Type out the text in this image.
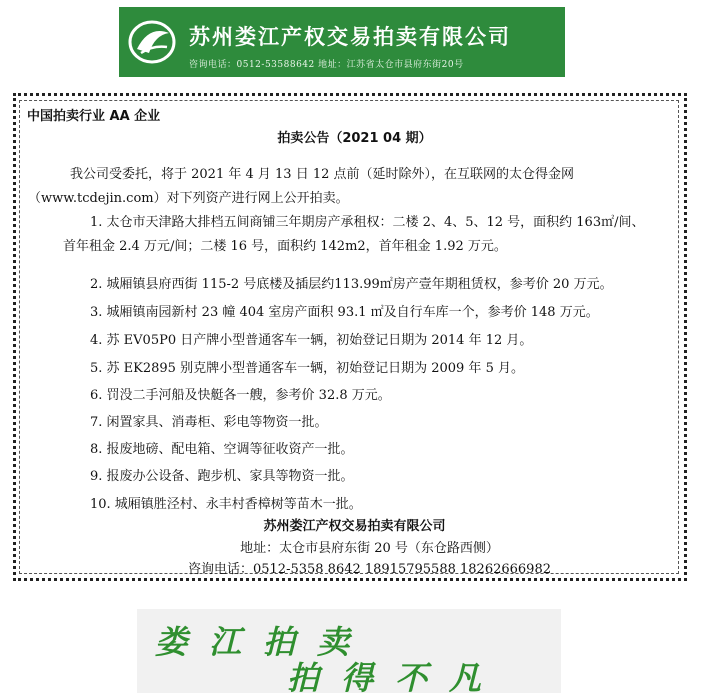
苏州娄江产权交易拍卖有限公司
咨询电话：0512-53588642 地址：江苏省太仓市县府东街20号
中国拍卖行业 AA 企业
拍卖公告（2021 04 期）
我公司受委托，将于 2021 年 4 月 13 日 12 点前（延时除外），在互联网的太仓得金网
（www.tcdejin.com）对下列资产进行网上公开拍卖。
1. 太仓市天津路大排档五间商铺三年期房产承租权：二楼 2、4、5、12 号，面积约 163㎡/间、
首年租金 2.4 万元/间；二楼 16 号，面积约 142m2，首年租金 1.92 万元。
2. 城厢镇县府西街 115-2 号底楼及插层约113.99㎡房产壹年期租赁权，参考价 20 万元。
3. 城厢镇南园新村 23 幢 404 室房产面积 93.1 ㎡及自行车库一个，参考价 148 万元。
4. 苏 EV05P0 日产牌小型普通客车一辆，初始登记日期为 2014 年 12 月。
5. 苏 EK2895 别克牌小型普通客车一辆，初始登记日期为 2009 年 5 月。
6. 罚没二手河船及快艇各一艘，参考价 32.8 万元。
7. 闲置家具、消毒柜、彩电等物资一批。
8. 报废地磅、配电箱、空调等征收资产一批。
9. 报废办公设备、跑步机、家具等物资一批。
10. 城厢镇胜泾村、永丰村香樟树等苗木一批。
苏州娄江产权交易拍卖有限公司
地址：太仓市县府东街 20 号（东仓路西侧）
咨询电话：0512-5358 8642 18915795588 18262666982
娄江拍卖
拍得不凡
